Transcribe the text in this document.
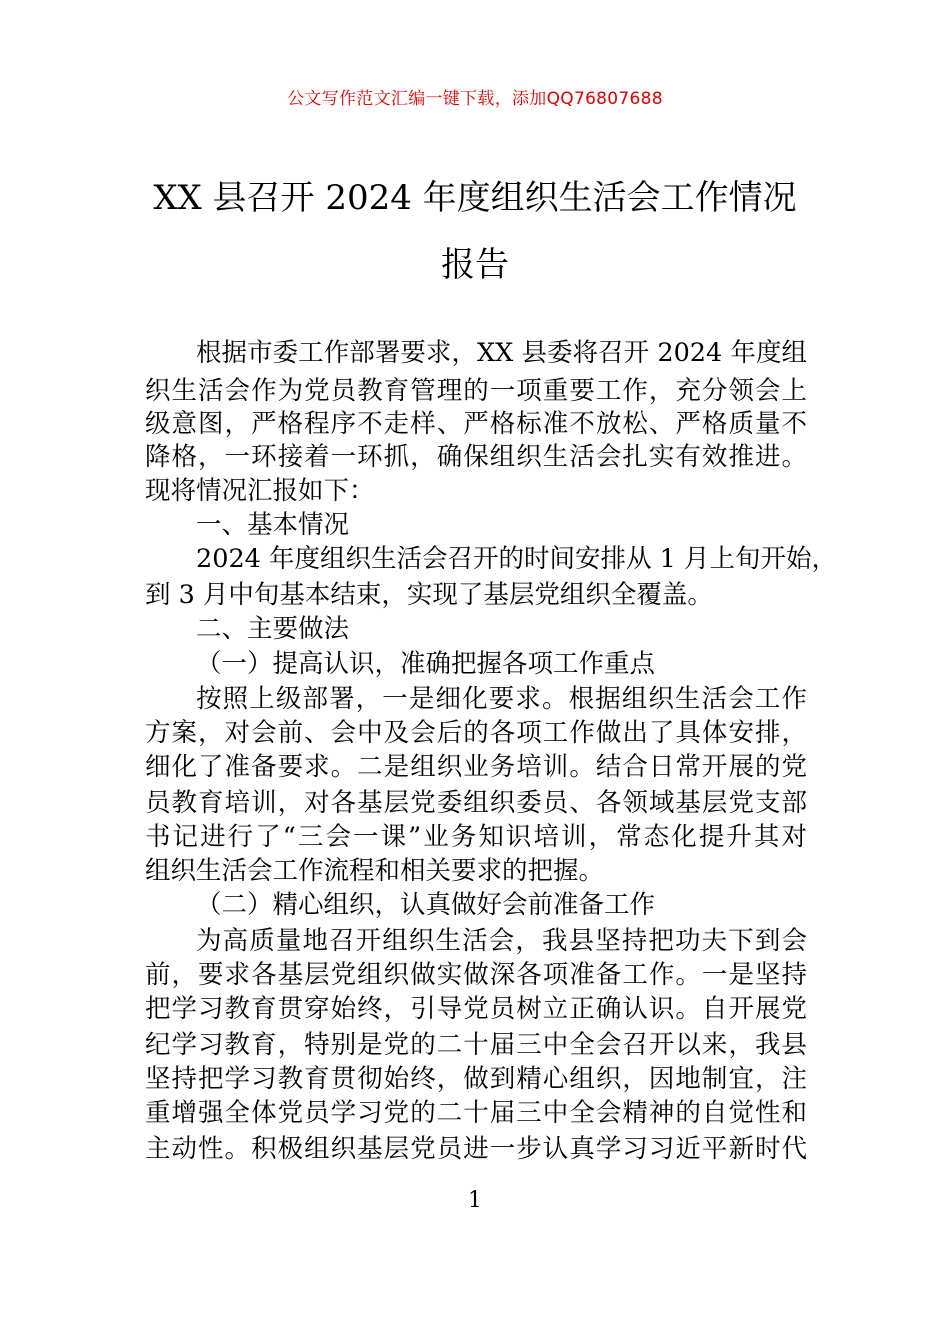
公文写作范文汇编一键下载，添加QQ76807688
XX 县召开 2024 年度组织生活会工作情况
报告
根据市委工作部署要求，XX 县委将召开 2024 年度组
织生活会作为党员教育管理的一项重要工作，充分领会上
级意图，严格程序不走样、严格标准不放松、严格质量不
降格，一环接着一环抓，确保组织生活会扎实有效推进。
现将情况汇报如下：
一、基本情况
2024 年度组织生活会召开的时间安排从 1 月上旬开始，
到 3 月中旬基本结束，实现了基层党组织全覆盖。
二、主要做法
（一）提高认识，准确把握各项工作重点
按照上级部署，一是细化要求。根据组织生活会工作
方案，对会前、会中及会后的各项工作做出了具体安排，
细化了准备要求。二是组织业务培训。结合日常开展的党
员教育培训，对各基层党委组织委员、各领域基层党支部
书记进行了“三会一课”业务知识培训，常态化提升其对
组织生活会工作流程和相关要求的把握。
（二）精心组织，认真做好会前准备工作
为高质量地召开组织生活会，我县坚持把功夫下到会
前，要求各基层党组织做实做深各项准备工作。一是坚持
把学习教育贯穿始终，引导党员树立正确认识。自开展党
纪学习教育，特别是党的二十届三中全会召开以来，我县
坚持把学习教育贯彻始终，做到精心组织，因地制宜，注
重增强全体党员学习党的二十届三中全会精神的自觉性和
主动性。积极组织基层党员进一步认真学习习近平新时代
1
